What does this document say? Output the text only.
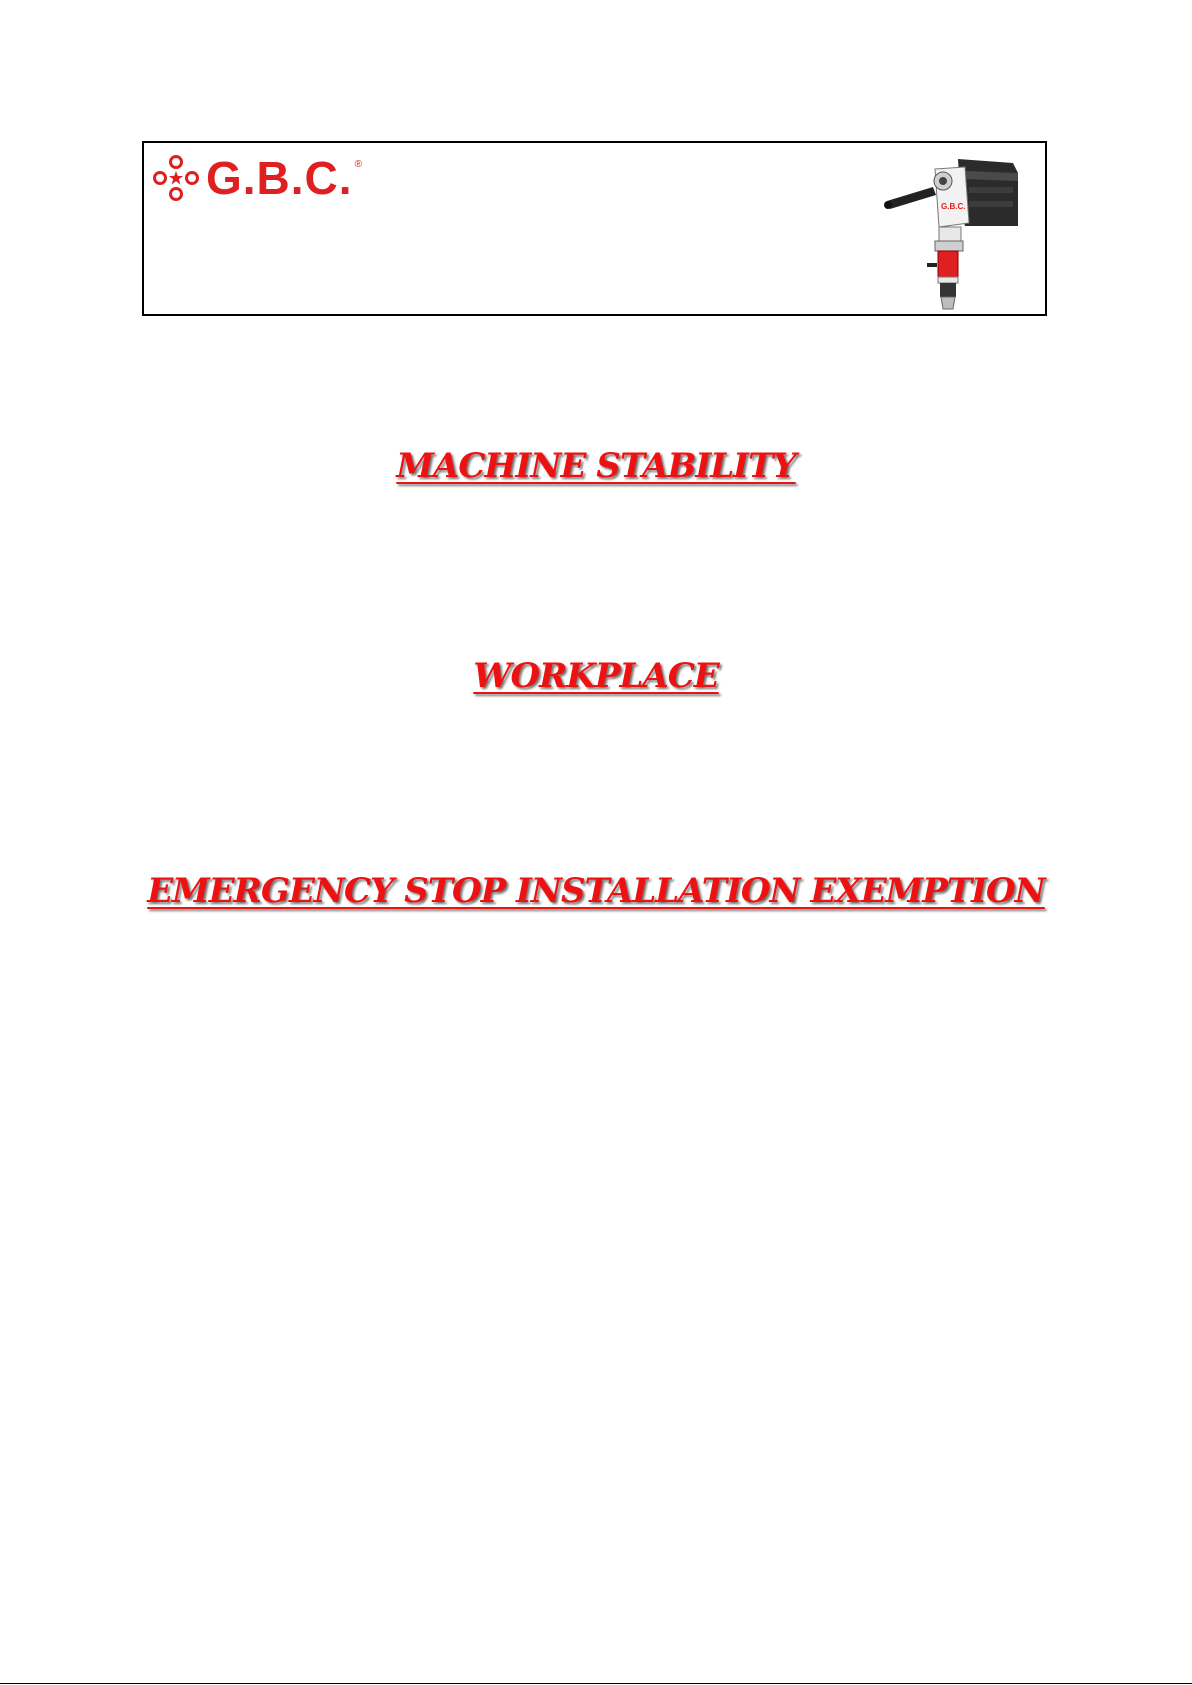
G.B.C. ®
G.B.C.
MACHINE STABILITY
WORKPLACE
EMERGENCY STOP INSTALLATION EXEMPTION
